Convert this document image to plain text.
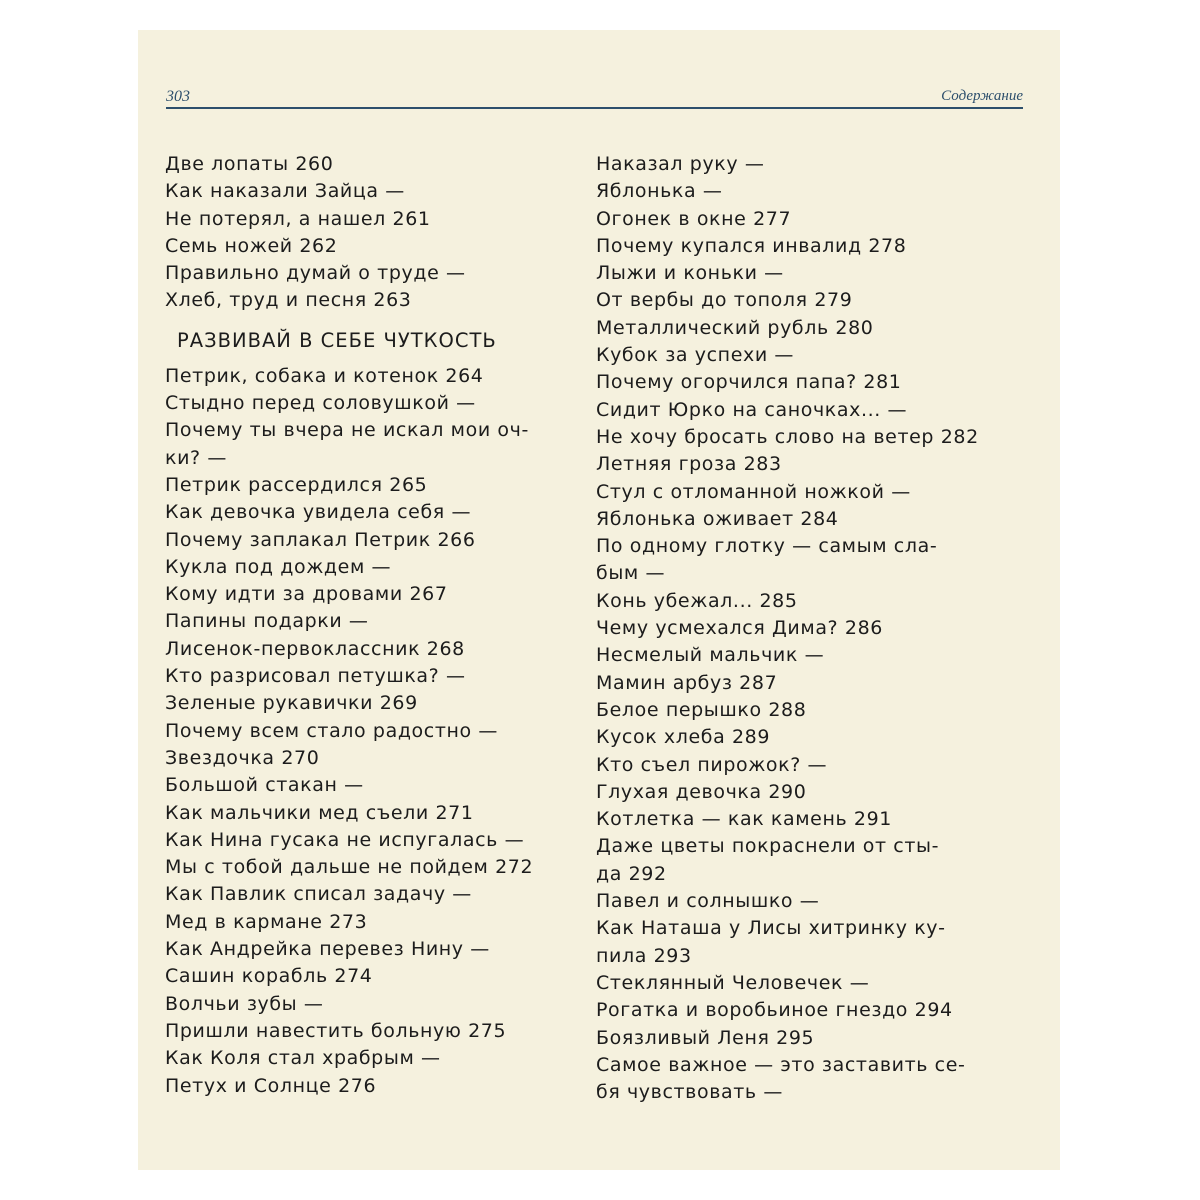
303	Содержание
Две лопаты 260
Как наказали Зайца —
Не потерял, а нашел 261
Семь ножей 262
Правильно думай о труде —
Хлеб, труд и песня 263
РАЗВИВАЙ В СЕБЕ ЧУТКОСТЬ
Петрик, собака и котенок 264
Стыдно перед соловушкой —
Почему ты вчера не искал мои оч-
ки? —
Петрик рассердился 265
Как девочка увидела себя —
Почему заплакал Петрик 266
Кукла под дождем —
Кому идти за дровами 267
Папины подарки —
Лисенок-первоклассник 268
Кто разрисовал петушка? —
Зеленые рукавички 269
Почему всем стало радостно —
Звездочка 270
Большой стакан —
Как мальчики мед съели 271
Как Нина гусака не испугалась —
Мы с тобой дальше не пойдем 272
Как Павлик списал задачу —
Мед в кармане 273
Как Андрейка перевез Нину —
Сашин корабль 274
Волчьи зубы —
Пришли навестить больную 275
Как Коля стал храбрым —
Петух и Солнце 276
Наказал руку —
Яблонька —
Огонек в окне 277
Почему купался инвалид 278
Лыжи и коньки —
От вербы до тополя 279
Металлический рубль 280
Кубок за успехи —
Почему огорчился папа? 281
Сидит Юрко на саночках... —
Не хочу бросать слово на ветер 282
Летняя гроза 283
Стул с отломанной ножкой —
Яблонька оживает 284
По одному глотку — самым сла-
бым —
Конь убежал... 285
Чему усмехался Дима? 286
Несмелый мальчик —
Мамин арбуз 287
Белое перышко 288
Кусок хлеба 289
Кто съел пирожок? —
Глухая девочка 290
Котлетка — как камень 291
Даже цветы покраснели от сты-
да 292
Павел и солнышко —
Как Наташа у Лисы хитринку ку-
пила 293
Стеклянный Человечек —
Рогатка и воробьиное гнездо 294
Боязливый Леня 295
Самое важное — это заставить се-
бя чувствовать —
